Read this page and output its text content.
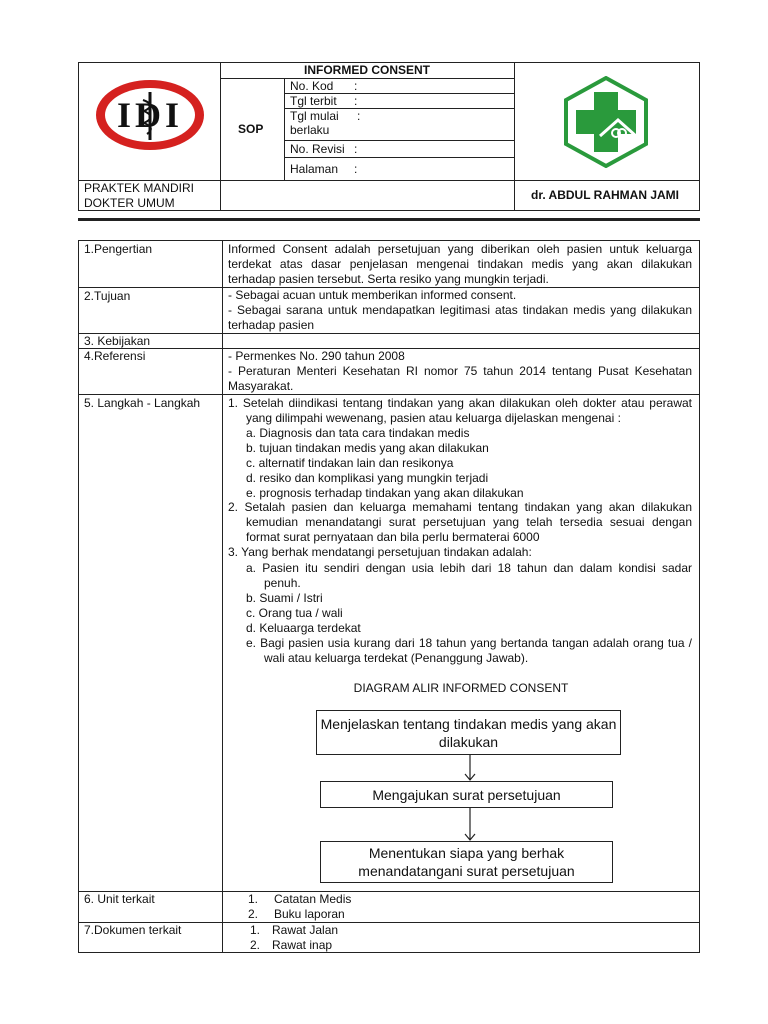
IDI
INFORMED CONSENT
SOP
No. Kod :
Tgl terbit :
Tgl mulai
berlaku
:
No. Revisi :
Halaman :
PRAKTEK MANDIRI
DOKTER UMUM
dr. ABDUL RAHMAN JAMI
1.Pengertian
2.Tujuan
3. Kebijakan
4.Referensi
5. Langkah - Langkah
6. Unit terkait
7.Dokumen terkait
Informed Consent adalah persetujuan yang diberikan oleh pasien untuk keluarga terdekat atas dasar penjelasan mengenai tindakan medis yang akan dilakukan terhadap pasien tersebut. Serta resiko yang mungkin terjadi.
- Sebagai acuan untuk memberikan informed consent.
- Sebagai sarana untuk mendapatkan legitimasi atas tindakan medis yang dilakukan terhadap pasien
- Permenkes No. 290 tahun 2008
- Peraturan Menteri Kesehatan RI nomor 75 tahun 2014 tentang Pusat Kesehatan Masyarakat.
1. Setelah diindikasi tentang tindakan yang akan dilakukan oleh dokter atau perawat yang dilimpahi wewenang, pasien atau keluarga dijelaskan mengenai :
a. Diagnosis dan tata cara tindakan medis
b. tujuan tindakan medis yang akan dilakukan
c. alternatif tindakan lain dan resikonya
d. resiko dan komplikasi yang mungkin terjadi
e. prognosis terhadap tindakan yang akan dilakukan
2. Setalah pasien dan keluarga memahami tentang tindakan yang akan dilakukan kemudian menandatangi surat persetujuan yang telah tersedia sesuai dengan format surat pernyataan dan bila perlu bermaterai 6000
3. Yang berhak mendatangi persetujuan tindakan adalah:
a. Pasien itu sendiri dengan usia lebih dari 18 tahun dan dalam kondisi sadar penuh.
b. Suami / Istri
c. Orang tua / wali
d. Keluaarga terdekat
e. Bagi pasien usia kurang dari 18 tahun yang bertanda tangan adalah orang tua / wali atau keluarga terdekat (Penanggung Jawab).
DIAGRAM ALIR INFORMED CONSENT
Menjelaskan tentang tindakan medis yang akan dilakukan
Mengajukan surat persetujuan
Menentukan siapa yang berhak menandatangani surat persetujuan
1. Catatan Medis
2. Buku laporan
1. Rawat Jalan
2. Rawat inap
